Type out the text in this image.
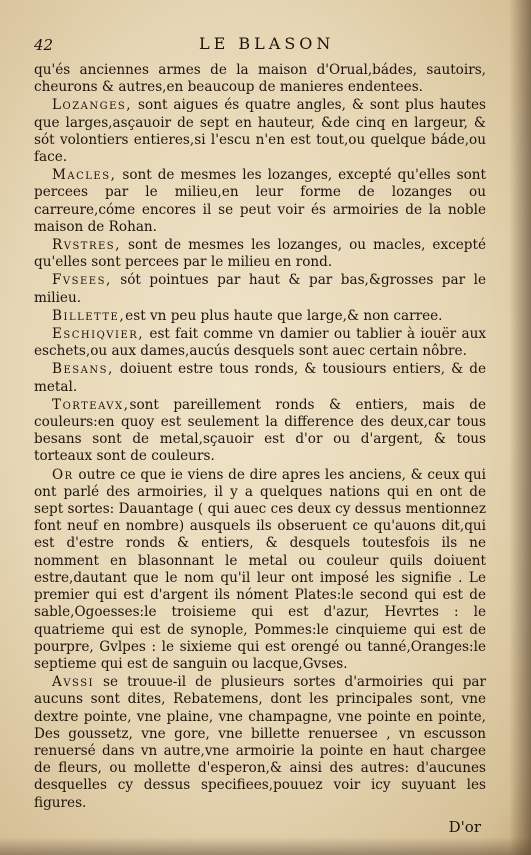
42	LE BLASON

qu'és anciennes armes de la maison d'Orual,bádes, sautoirs, cheurons & autres,en beaucoup de manieres endentees.

Lozanges, sont aigues és quatre angles, & sont plus hautes que larges,asçauoir de sept en hauteur, &de cinq en largeur, & sót volontiers entieres,si l'escu n'en est tout,ou quelque báde,ou face.

Macles, sont de mesmes les lozanges, excepté qu'elles sont percees par le milieu,en leur forme de lozanges ou carreure,cóme encores il se peut voir és armoiries de la noble maison de Rohan.

Rvstres, sont de mesmes les lozanges, ou macles, excepté qu'elles sont percees par le milieu en rond.

Fvsees, sót pointues par haut & par bas,&grosses par le milieu.

Billette,est vn peu plus haute que large,& non carree.

Eschiqvier, est fait comme vn damier ou tablier à iouër aux eschets,ou aux dames,aucús desquels sont auec certain nôbre.

Besans, doiuent estre tous ronds, & tousiours entiers, & de metal.

Torteavx,sont pareillement ronds & entiers, mais de couleurs:en quoy est seulement la difference des deux,car tous besans sont de metal,sçauoir est d'or ou d'argent, & tous torteaux sont de couleurs.

Or outre ce que ie viens de dire apres les anciens, & ceux qui ont parlé des armoiries, il y a quelques nations qui en ont de sept sortes: Dauantage ( qui auec ces deux cy dessus mentionnez font neuf en nombre) ausquels ils obseruent ce qu'auons dit,qui est d'estre ronds & entiers, & desquels toutesfois ils ne nomment en blasonnant le metal ou couleur quils doiuent estre,dautant que le nom qu'il leur ont imposé les signifie . Le premier qui est d'argent ils nóment Plates:le second qui est de sable,Ogoesses:le troisieme qui est d'azur, Hevrtes : le quatrieme qui est de synople, Pommes:le cinquieme qui est de pourpre, Gvlpes : le sixieme qui est orengé ou tanné,Oranges:le septieme qui est de sanguin ou lacque,Gvses.

Avssi se trouue-il de plusieurs sortes d'armoiries qui par aucuns sont dites, Rebatemens, dont les principales sont, vne dextre pointe, vne plaine, vne champagne, vne pointe en pointe, Des goussetz, vne gore, vne billette renuersee , vn escusson renuersé dans vn autre,vne armoirie la pointe en haut chargee de fleurs, ou mollette d'esperon,& ainsi des autres: d'aucunes desquelles cy dessus specifiees,pouuez voir icy suyuant les figures.

D'or
